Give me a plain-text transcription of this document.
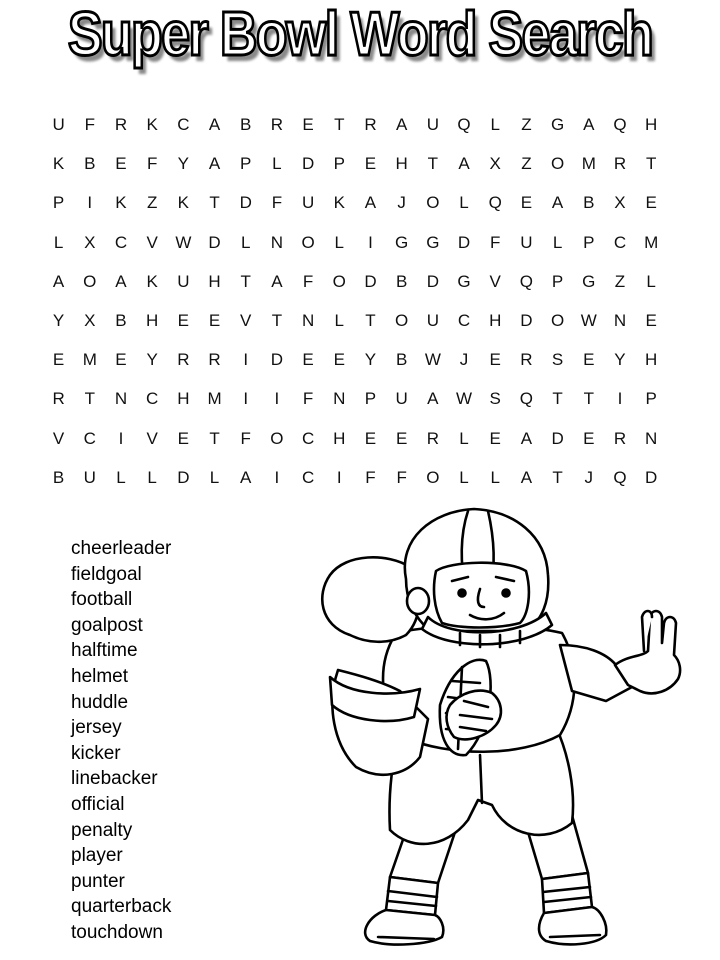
Super Bowl Word Search
U	F	R	K	C	A	B	R	E	T	R	A	U	Q	L	Z	G	A	Q	H
K	B	E	F	Y	A	P	L	D	P	E	H	T	A	X	Z	O	M	R	T
P	I	K	Z	K	T	D	F	U	K	A	J	O	L	Q	E	A	B	X	E
L	X	C	V	W	D	L	N	O	L	I	G	G	D	F	U	L	P	C	M
A	O	A	K	U	H	T	A	F	O	D	B	D	G	V	Q	P	G	Z	L
Y	X	B	H	E	E	V	T	N	L	T	O	U	C	H	D	O W	N	E
E	M	E	Y	R	R	I	D	E	E	Y	B	W	J	E	R	S	E	Y	H
R	T	N	C	H	M	I	I	F	N	P	U	A	W	S	Q	T	T	I	P
V	C	I	V	E	T	F	O	C	H	E	E	R	L	E	A	D	E	R	N
B	U	L	L	D	L	A	I	C	I	F	F	O	L	L	A	T	J	Q	D
cheerleader
fieldgoal
football
goalpost
halftime
helmet
huddle
jersey
kicker
linebacker
official
penalty
player
punter
quarterback
touchdown
